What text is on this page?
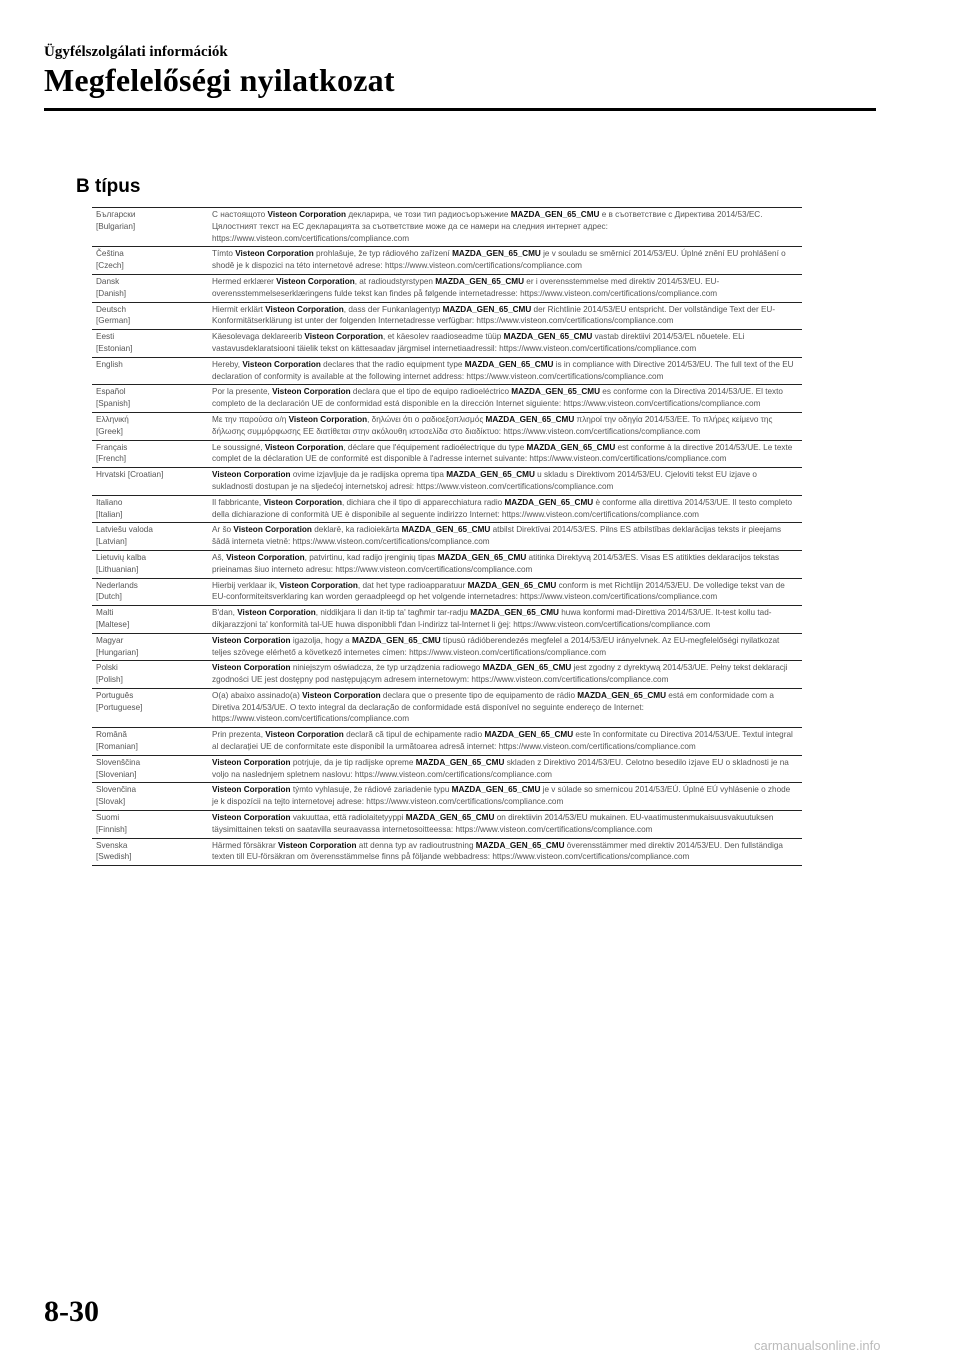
Ügyfélszolgálati információk
Megfelelőségi nyilatkozat
B típus
Български
[Bulgarian]	С настоящото Visteon Corporation декларира, че този тип радиосъоръжение MAZDA_GEN_65_CMU е в съответствие с Директива 2014/53/ЕС. Цялостният текст на ЕС декларацията за съответствие може да се намери на следния интернет адрес: https://www.visteon.com/certifications/compliance.com

Čeština
[Czech]	Tímto Visteon Corporation prohlašuje, že typ rádiového zařízení MAZDA_GEN_65_CMU je v souladu se směrnicí 2014/53/EU. Úplné znění EU prohlášení o shodě je k dispozici na této internetové adrese: https://www.visteon.com/certifications/compliance.com

Dansk
[Danish]	Hermed erklærer Visteon Corporation, at radioudstyrstypen MAZDA_GEN_65_CMU er i overensstemmelse med direktiv 2014/53/EU. EU-overensstemmelseserklæringens fulde tekst kan findes på følgende internetadresse: https://www.visteon.com/certifications/compliance.com

Deutsch
[German]	Hiermit erklärt Visteon Corporation, dass der Funkanlagentyp MAZDA_GEN_65_CMU der Richtlinie 2014/53/EU entspricht. Der vollständige Text der EU-Konformitätserklärung ist unter der folgenden Internetadresse verfügbar: https://www.visteon.com/certifications/compliance.com

Eesti
[Estonian]	Käesolevaga deklareerib Visteon Corporation, et käesolev raadioseadme tüüp MAZDA_GEN_65_CMU vastab direktiivi 2014/53/EL nõuetele. ELi vastavusdeklaratsiooni täielik tekst on kättesaadav järgmisel internetiaadressil: https://www.visteon.com/certifications/compliance.com

English	Hereby, Visteon Corporation declares that the radio equipment type MAZDA_GEN_65_CMU is in compliance with Directive 2014/53/EU. The full text of the EU declaration of conformity is available at the following internet address: https://www.visteon.com/certifications/compliance.com

Español
[Spanish]	Por la presente, Visteon Corporation declara que el tipo de equipo radioeléctrico MAZDA_GEN_65_CMU es conforme con la Directiva 2014/53/UE. El texto completo de la declaración UE de conformidad está disponible en la dirección Internet siguiente: https://www.visteon.com/certifications/compliance.com

Ελληνική
[Greek]	Με την παρούσα ο/η Visteon Corporation, δηλώνει ότι ο ραδιοεξοπλισμός MAZDA_GEN_65_CMU πληροί την οδηγία 2014/53/ΕΕ. Το πλήρες κείμενο της δήλωσης συμμόρφωσης ΕΕ διατίθεται στην ακόλουθη ιστοσελίδα στο διαδίκτυο: https://www.visteon.com/certifications/compliance.com

Français
[French]	Le soussigné, Visteon Corporation, déclare que l'équipement radioélectrique du type MAZDA_GEN_65_CMU est conforme à la directive 2014/53/UE. Le texte complet de la déclaration UE de conformité est disponible à l'adresse internet suivante: https://www.visteon.com/certifications/compliance.com

Hrvatski [Croatian]	Visteon Corporation ovime izjavljuje da je radijska oprema tipa MAZDA_GEN_65_CMU u skladu s Direktivom 2014/53/EU. Cjeloviti tekst EU izjave o sukladnosti dostupan je na sljedećoj internetskoj adresi: https://www.visteon.com/certifications/compliance.com

Italiano
[Italian]	Il fabbricante, Visteon Corporation, dichiara che il tipo di apparecchiatura radio MAZDA_GEN_65_CMU è conforme alla direttiva 2014/53/UE. Il testo completo della dichiarazione di conformità UE è disponibile al seguente indirizzo Internet: https://www.visteon.com/certifications/compliance.com

Latviešu valoda
[Latvian]	Ar šo Visteon Corporation deklarē, ka radioiekārta MAZDA_GEN_65_CMU atbilst Direktīvai 2014/53/ES. Pilns ES atbilstības deklarācijas teksts ir pieejams šādā interneta vietnē: https://www.visteon.com/certifications/compliance.com

Lietuvių kalba
[Lithuanian]	Aš, Visteon Corporation, patvirtinu, kad radijo įrenginių tipas MAZDA_GEN_65_CMU atitinka Direktyvą 2014/53/ES. Visas ES atitikties deklaracijos tekstas prieinamas šiuo interneto adresu: https://www.visteon.com/certifications/compliance.com

Nederlands
[Dutch]	Hierbij verklaar ik, Visteon Corporation, dat het type radioapparatuur MAZDA_GEN_65_CMU conform is met Richtlijn 2014/53/EU. De volledige tekst van de EU-conformiteitsverklaring kan worden geraadpleegd op het volgende internetadres: https://www.visteon.com/certifications/compliance.com

Malti
[Maltese]	B'dan, Visteon Corporation, niddikjara li dan it-tip ta' tagħmir tar-radju MAZDA_GEN_65_CMU huwa konformi mad-Direttiva 2014/53/UE. It-test kollu tad-dikjarazzjoni ta' konformità tal-UE huwa disponibbli f'dan l-indirizz tal-Internet li ġej: https://www.visteon.com/certifications/compliance.com

Magyar
[Hungarian]	Visteon Corporation igazolja, hogy a MAZDA_GEN_65_CMU típusú rádióberendezés megfelel a 2014/53/EU irányelvnek. Az EU-megfelelőségi nyilatkozat teljes szövege elérhető a következő internetes címen: https://www.visteon.com/certifications/compliance.com

Polski
[Polish]	Visteon Corporation niniejszym oświadcza, że typ urządzenia radiowego MAZDA_GEN_65_CMU jest zgodny z dyrektywą 2014/53/UE. Pełny tekst deklaracji zgodności UE jest dostępny pod następującym adresem internetowym: https://www.visteon.com/certifications/compliance.com

Português
[Portuguese]	O(a) abaixo assinado(a) Visteon Corporation declara que o presente tipo de equipamento de rádio MAZDA_GEN_65_CMU está em conformidade com a Diretiva 2014/53/UE. O texto integral da declaração de conformidade está disponível no seguinte endereço de Internet: https://www.visteon.com/certifications/compliance.com

Română
[Romanian]	Prin prezenta, Visteon Corporation declară că tipul de echipamente radio MAZDA_GEN_65_CMU este în conformitate cu Directiva 2014/53/UE. Textul integral al declarației UE de conformitate este disponibil la următoarea adresă internet: https://www.visteon.com/certifications/compliance.com

Slovenščina
[Slovenian]	Visteon Corporation potrjuje, da je tip radijske opreme MAZDA_GEN_65_CMU skladen z Direktivo 2014/53/EU. Celotno besedilo izjave EU o skladnosti je na voljo na naslednjem spletnem naslovu: https://www.visteon.com/certifications/compliance.com

Slovenčina
[Slovak]	Visteon Corporation týmto vyhlasuje, že rádiové zariadenie typu MAZDA_GEN_65_CMU je v súlade so smernicou 2014/53/EÚ. Úplné EÚ vyhlásenie o zhode je k dispozícii na tejto internetovej adrese: https://www.visteon.com/certifications/compliance.com

Suomi
[Finnish]	Visteon Corporation vakuuttaa, että radiolaitetyyppi MAZDA_GEN_65_CMU on direktiivin 2014/53/EU mukainen. EU-vaatimustenmukaisuusvakuutuksen täysimittainen teksti on saatavilla seuraavassa internetosoitteessa: https://www.visteon.com/certifications/compliance.com

Svenska
[Swedish]	Härmed försäkrar Visteon Corporation att denna typ av radioutrustning MAZDA_GEN_65_CMU överensstämmer med direktiv 2014/53/EU. Den fullständiga texten till EU-försäkran om överensstämmelse finns på följande webbadress: https://www.visteon.com/certifications/compliance.com
8-30
carmanualsonline.info
